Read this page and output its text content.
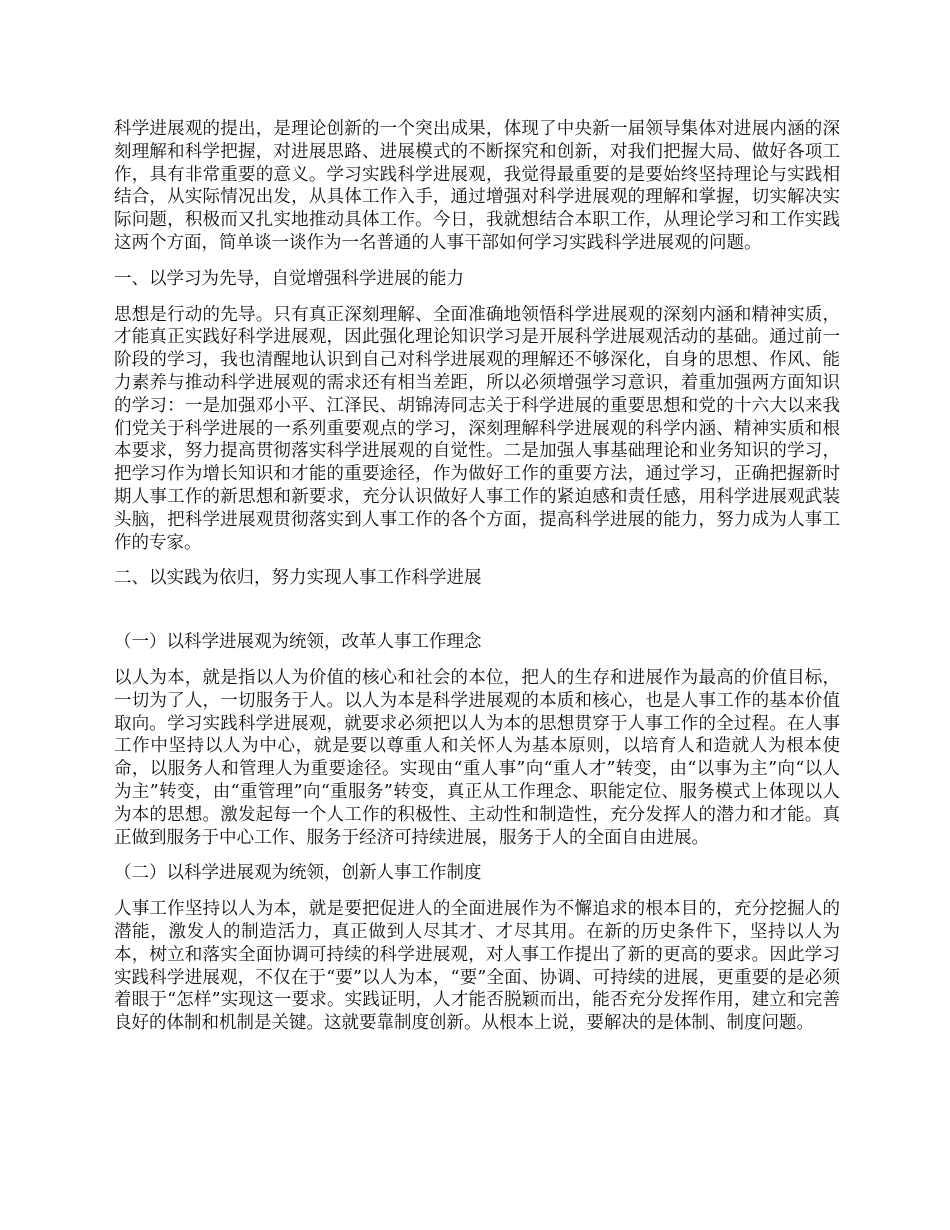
科学进展观的提出，是理论创新的一个突出成果，体现了中央新一届领导集体对进展内涵的深刻理解和科学把握，对进展思路、进展模式的不断探究和创新，对我们把握大局、做好各项工作，具有非常重要的意义。学习实践科学进展观，我觉得最重要的是要始终坚持理论与实践相结合，从实际情况出发，从具体工作入手，通过增强对科学进展观的理解和掌握，切实解决实际问题，积极而又扎实地推动具体工作。今日，我就想结合本职工作，从理论学习和工作实践这两个方面，简单谈一谈作为一名普通的人事干部如何学习实践科学进展观的问题。

一、以学习为先导，自觉增强科学进展的能力

思想是行动的先导。只有真正深刻理解、全面准确地领悟科学进展观的深刻内涵和精神实质，才能真正实践好科学进展观，因此强化理论知识学习是开展科学进展观活动的基础。通过前一阶段的学习，我也清醒地认识到自己对科学进展观的理解还不够深化，自身的思想、作风、能力素养与推动科学进展观的需求还有相当差距，所以必须增强学习意识，着重加强两方面知识的学习：一是加强邓小平、江泽民、胡锦涛同志关于科学进展的重要思想和党的十六大以来我们党关于科学进展的一系列重要观点的学习，深刻理解科学进展观的科学内涵、精神实质和根本要求，努力提高贯彻落实科学进展观的自觉性。二是加强人事基础理论和业务知识的学习，把学习作为增长知识和才能的重要途径，作为做好工作的重要方法，通过学习，正确把握新时期人事工作的新思想和新要求，充分认识做好人事工作的紧迫感和责任感，用科学进展观武装头脑，把科学进展观贯彻落实到人事工作的各个方面，提高科学进展的能力，努力成为人事工作的专家。

二、以实践为依归，努力实现人事工作科学进展

（一）以科学进展观为统领，改革人事工作理念

以人为本，就是指以人为价值的核心和社会的本位，把人的生存和进展作为最高的价值目标，一切为了人，一切服务于人。以人为本是科学进展观的本质和核心，也是人事工作的基本价值取向。学习实践科学进展观，就要求必须把以人为本的思想贯穿于人事工作的全过程。在人事工作中坚持以人为中心，就是要以尊重人和关怀人为基本原则，以培育人和造就人为根本使命，以服务人和管理人为重要途径。实现由“重人事”向“重人才”转变，由“以事为主”向“以人为主”转变，由“重管理”向“重服务”转变，真正从工作理念、职能定位、服务模式上体现以人为本的思想。激发起每一个人工作的积极性、主动性和制造性，充分发挥人的潜力和才能。真正做到服务于中心工作、服务于经济可持续进展，服务于人的全面自由进展。

（二）以科学进展观为统领，创新人事工作制度

人事工作坚持以人为本，就是要把促进人的全面进展作为不懈追求的根本目的，充分挖掘人的潜能，激发人的制造活力，真正做到人尽其才、才尽其用。在新的历史条件下，坚持以人为本，树立和落实全面协调可持续的科学进展观，对人事工作提出了新的更高的要求。因此学习实践科学进展观，不仅在于“要”以人为本，“要”全面、协调、可持续的进展，更重要的是必须着眼于“怎样”实现这一要求。实践证明，人才能否脱颖而出，能否充分发挥作用，建立和完善良好的体制和机制是关键。这就要靠制度创新。从根本上说，要解决的是体制、制度问题。
